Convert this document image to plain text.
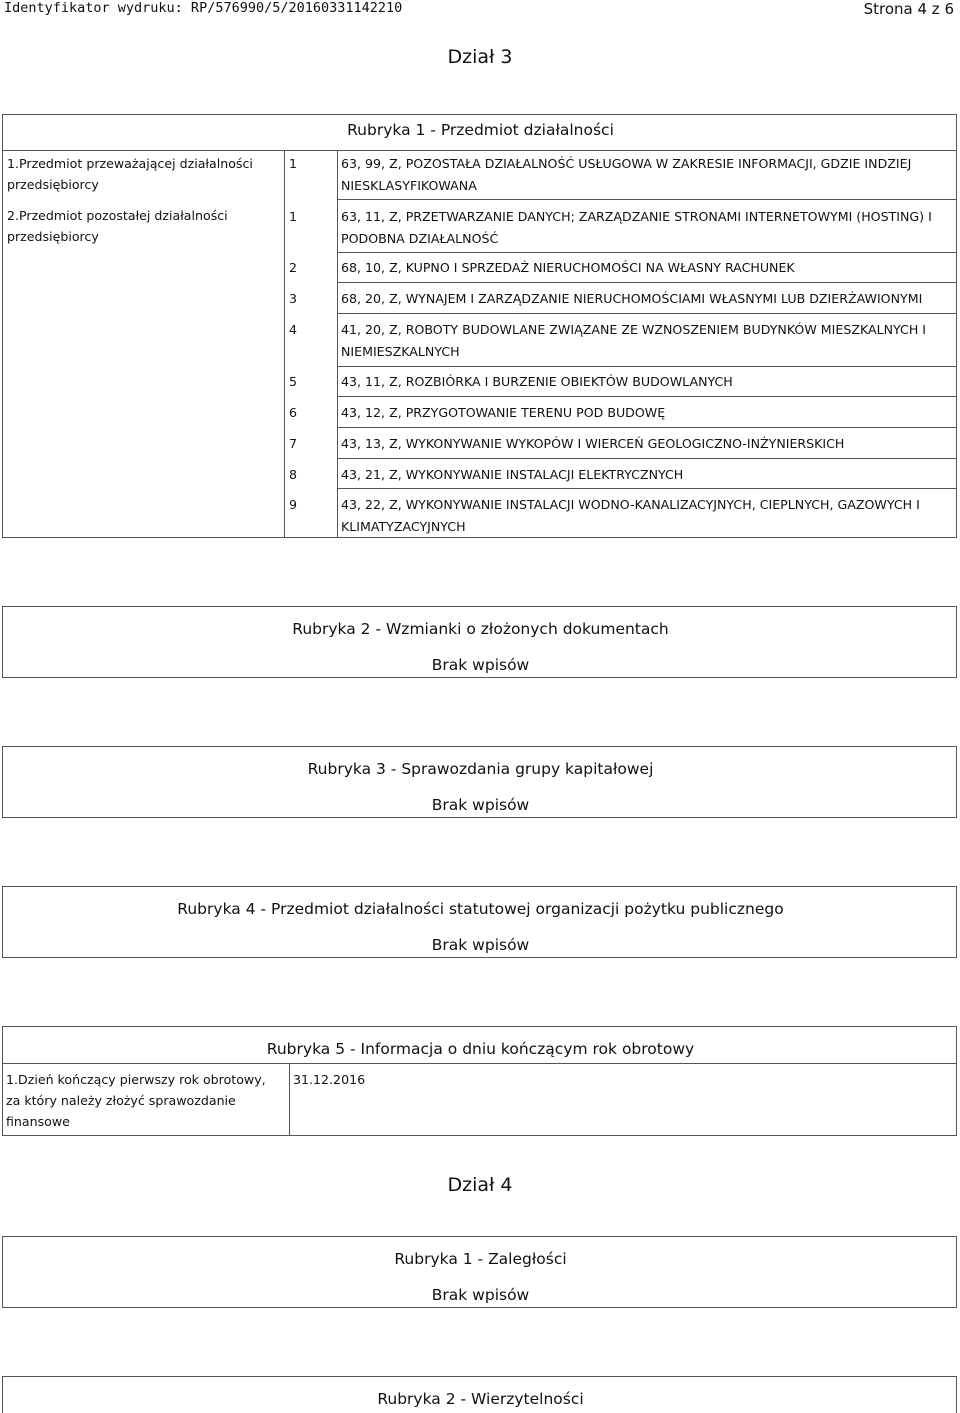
Identyfikator wydruku: RP/576990/5/20160331142210	Strona 4 z 6
Dział 3
Rubryka 1 - Przedmiot działalności
1.Przedmiot przeważającej działalności przedsiębiorcy
2.Przedmiot pozostałej działalności przedsiębiorcy
1	63, 99, Z, POZOSTAŁA DZIAŁALNOŚĆ USŁUGOWA W ZAKRESIE INFORMACJI, GDZIE INDZIEJ NIESKLASYFIKOWANA
1	63, 11, Z, PRZETWARZANIE DANYCH; ZARZĄDZANIE STRONAMI INTERNETOWYMI (HOSTING) I PODOBNA DZIAŁALNOŚĆ
2	68, 10, Z, KUPNO I SPRZEDAŻ NIERUCHOMOŚCI NA WŁASNY RACHUNEK
3	68, 20, Z, WYNAJEM I ZARZĄDZANIE NIERUCHOMOŚCIAMI WŁASNYMI LUB DZIERŻAWIONYMI
4	41, 20, Z, ROBOTY BUDOWLANE ZWIĄZANE ZE WZNOSZENIEM BUDYNKÓW MIESZKALNYCH I NIEMIESZKALNYCH
5	43, 11, Z, ROZBIÓRKA I BURZENIE OBIEKTÓW BUDOWLANYCH
6	43, 12, Z, PRZYGOTOWANIE TERENU POD BUDOWĘ
7	43, 13, Z, WYKONYWANIE WYKOPÓW I WIERCEŃ GEOLOGICZNO-INŻYNIERSKICH
8	43, 21, Z, WYKONYWANIE INSTALACJI ELEKTRYCZNYCH
9	43, 22, Z, WYKONYWANIE INSTALACJI WODNO-KANALIZACYJNYCH, CIEPLNYCH, GAZOWYCH I KLIMATYZACYJNYCH
Rubryka 2 - Wzmianki o złożonych dokumentach
Brak wpisów
Rubryka 3 - Sprawozdania grupy kapitałowej
Brak wpisów
Rubryka 4 - Przedmiot działalności statutowej organizacji pożytku publicznego
Brak wpisów
Rubryka 5 - Informacja o dniu kończącym rok obrotowy
1.Dzień kończący pierwszy rok obrotowy, za który należy złożyć sprawozdanie finansowe
31.12.2016
Dział 4
Rubryka 1 - Zaległości
Brak wpisów
Rubryka 2 - Wierzytelności
